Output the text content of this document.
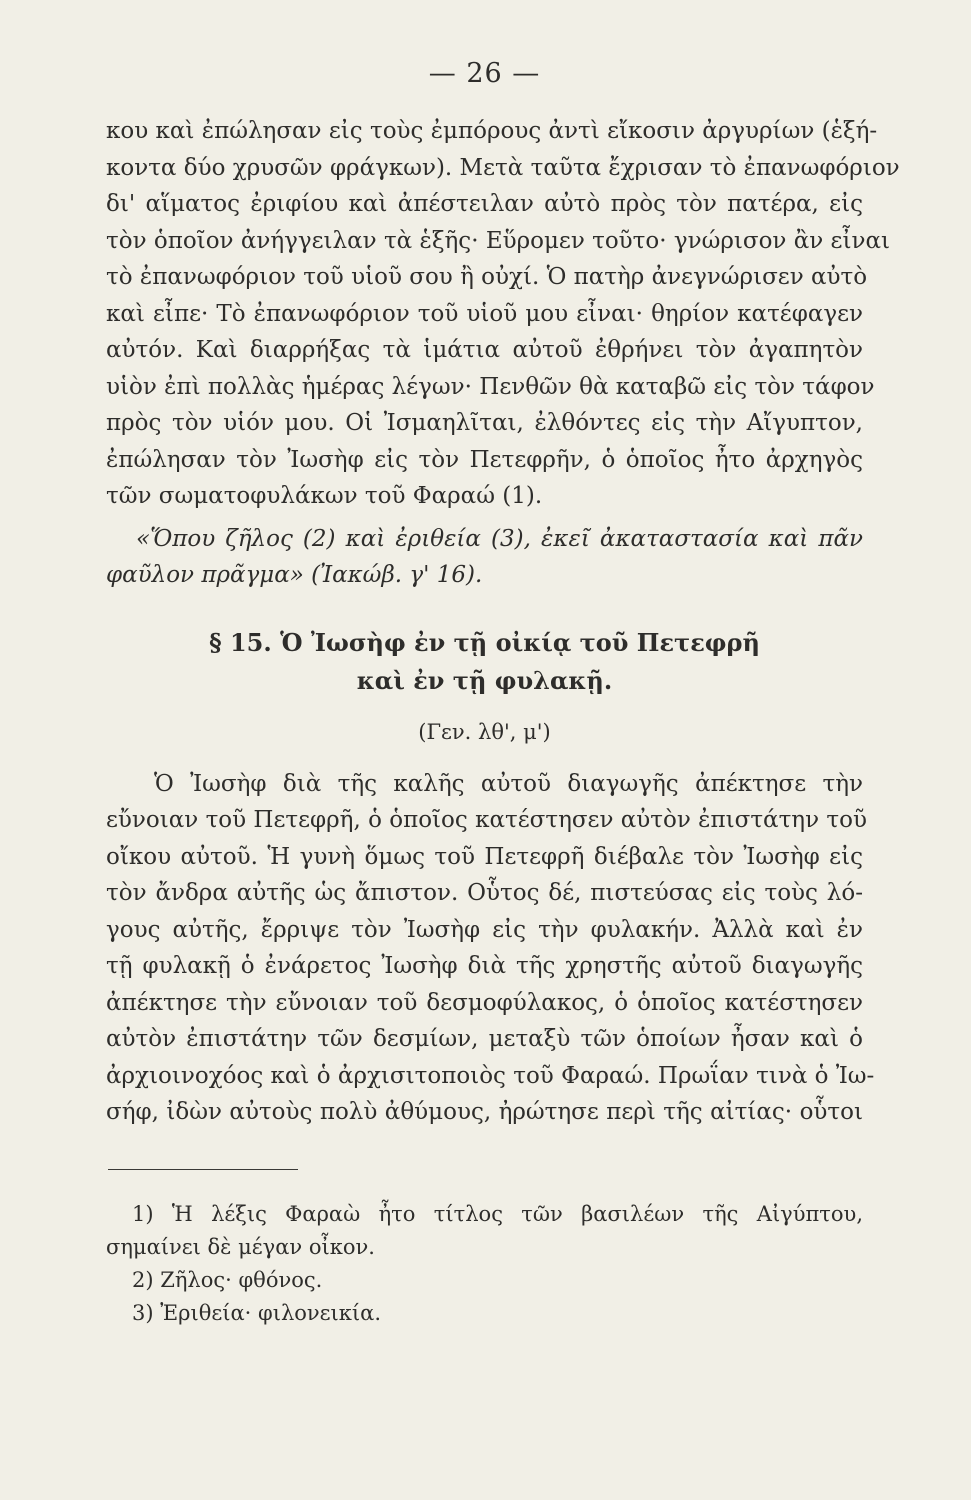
— 26 —

κου καὶ ἐπώλησαν εἰς τοὺς ἐμπόρους ἀντὶ εἴκοσιν ἀργυρίων (ἑξή-
κοντα δύο χρυσῶν φράγκων). Μετὰ ταῦτα ἔχρισαν τὸ ἐπανωφόριον
δι' αἵματος ἐριφίου καὶ ἀπέστειλαν αὐτὸ πρὸς τὸν πατέρα, εἰς
τὸν ὁποῖον ἀνήγγειλαν τὰ ἑξῆς· Εὕρομεν τοῦτο· γνώρισον ἂν εἶναι
τὸ ἐπανωφόριον τοῦ υἱοῦ σου ἢ οὐχί. Ὁ πατὴρ ἀνεγνώρισεν αὐτὸ
καὶ εἶπε· Τὸ ἐπανωφόριον τοῦ υἱοῦ μου εἶναι· θηρίον κατέφαγεν
αὐτόν. Καὶ διαρρήξας τὰ ἱμάτια αὐτοῦ ἐθρήνει τὸν ἀγαπητὸν
υἱὸν ἐπὶ πολλὰς ἡμέρας λέγων· Πενθῶν θὰ καταβῶ εἰς τὸν τάφον
πρὸς τὸν υἱόν μου. Οἱ Ἰσμαηλῖται, ἐλθόντες εἰς τὴν Αἴγυπτον,
ἐπώλησαν τὸν Ἰωσὴφ εἰς τὸν Πετεφρῆν, ὁ ὁποῖος ἦτο ἀρχηγὸς
τῶν σωματοφυλάκων τοῦ Φαραώ (1).

«Ὅπου ζῆλος (2) καὶ ἐριθεία (3), ἐκεῖ ἀκαταστασία καὶ πᾶν
φαῦλον πρᾶγμα» (Ἰακώβ. γ' 16).

§ 15. Ὁ Ἰωσὴφ ἐν τῇ οἰκίᾳ τοῦ Πετεφρῆ
καὶ ἐν τῇ φυλακῇ.
(Γεν. λθ', μ')

Ὁ Ἰωσὴφ διὰ τῆς καλῆς αὐτοῦ διαγωγῆς ἀπέκτησε τὴν
εὔνοιαν τοῦ Πετεφρῆ, ὁ ὁποῖος κατέστησεν αὐτὸν ἐπιστάτην τοῦ
οἴκου αὐτοῦ. Ἡ γυνὴ ὅμως τοῦ Πετεφρῆ διέβαλε τὸν Ἰωσὴφ εἰς
τὸν ἄνδρα αὐτῆς ὡς ἄπιστον. Οὗτος δέ, πιστεύσας εἰς τοὺς λό-
γους αὐτῆς, ἔρριψε τὸν Ἰωσὴφ εἰς τὴν φυλακήν. Ἀλλὰ καὶ ἐν
τῇ φυλακῇ ὁ ἐνάρετος Ἰωσὴφ διὰ τῆς χρηστῆς αὐτοῦ διαγωγῆς
ἀπέκτησε τὴν εὔνοιαν τοῦ δεσμοφύλακος, ὁ ὁποῖος κατέστησεν
αὐτὸν ἐπιστάτην τῶν δεσμίων, μεταξὺ τῶν ὁποίων ἦσαν καὶ ὁ
ἀρχιοινοχόος καὶ ὁ ἀρχισιτοποιὸς τοῦ Φαραώ. Πρωΐαν τινὰ ὁ Ἰω-
σήφ, ἰδὼν αὐτοὺς πολὺ ἀθύμους, ἠρώτησε περὶ τῆς αἰτίας· οὗτοι

1) Ἡ λέξις Φαραὼ ἦτο τίτλος τῶν βασιλέων τῆς Αἰγύπτου,
σημαίνει δὲ μέγαν οἶκον.
2) Ζῆλος· φθόνος.
3) Ἐριθεία· φιλονεικία.
